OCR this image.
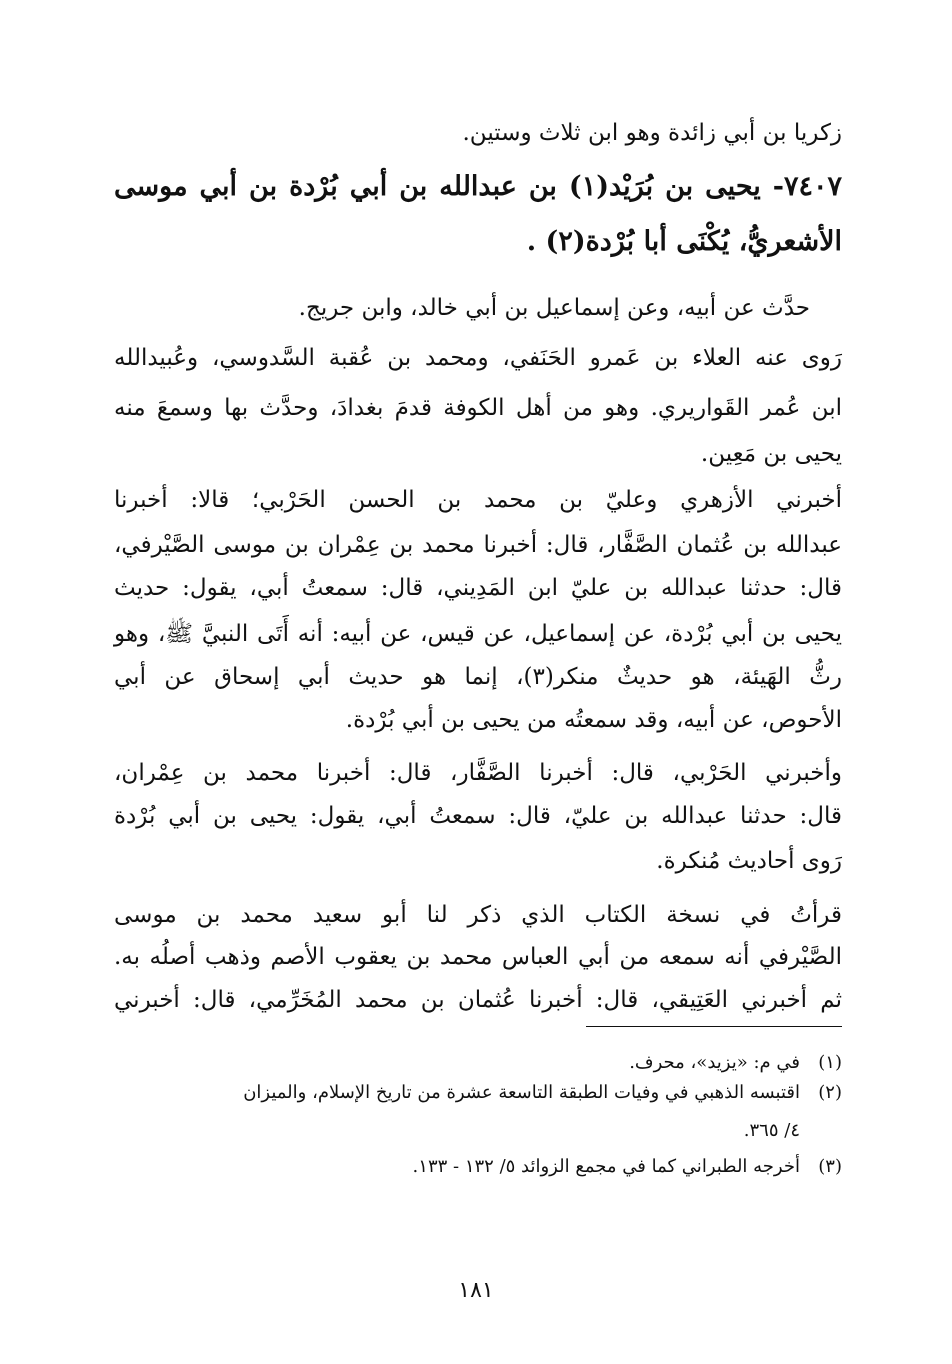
زكريا بن أبي زائدة وهو ابن ثلاث وستين.
٧٤٠٧- يحيى بن بُرَيْد(١) بن عبدالله بن أبي بُرْدة بن أبي موسى
الأشعريُّ، يُكْنَى أبا بُرْدة(٢) .
حدَّث عن أبيه، وعن إسماعيل بن أبي خالد، وابن جريج.
رَوى عنه العلاء بن عَمرو الحَنَفي، ومحمد بن عُقبة السَّدوسي، وعُبيدالله
ابن عُمر القَواريري. وهو من أهل الكوفة قدمَ بغدادَ، وحدَّث بها وسمعَ منه
يحيى بن مَعِين.
أخبرني الأزهري وعليّ بن محمد بن الحسن الحَرْبي؛ قالا: أخبرنا
عبدالله بن عُثمان الصَّفَّار، قال: أخبرنا محمد بن عِمْران بن موسى الصَّيْرفي،
قال: حدثنا عبدالله بن عليّ ابن المَدِيني، قال: سمعتُ أبي، يقول: حديث
يحيى بن أبي بُرْدة، عن إسماعيل، عن قيس، عن أبيه: أنه أَتَى النبيَّ ﷺ، وهو
رثُّ الهَيئة، هو حديثٌ منكر(٣)، إنما هو حديث أبي إسحاق عن أبي
الأحوص، عن أبيه، وقد سمعتُه من يحيى بن أبي بُرْدة.
وأخبرني الحَرْبي، قال: أخبرنا الصَّفَّار، قال: أخبرنا محمد بن عِمْران،
قال: حدثنا عبدالله بن عليّ، قال: سمعتُ أبي، يقول: يحيى بن أبي بُرْدة
رَوى أحاديث مُنكرة.
قرأتُ في نسخة الكتاب الذي ذكر لنا أبو سعيد محمد بن موسى
الصَّيْرفي أنه سمعه من أبي العباس محمد بن يعقوب الأصم وذهب أصلُه به.
ثم أخبرني العَتِيقي، قال: أخبرنا عُثمان بن محمد المُخَرِّمي، قال: أخبرني
(١)في م: «يزيد»، محرف.
(٢)اقتبسه الذهبي في وفيات الطبقة التاسعة عشرة من تاريخ الإسلام، والميزان
٤/ ٣٦٥.
(٣)أخرجه الطبراني كما في مجمع الزوائد ٥/ ١٣٢ - ١٣٣.
١٨١
